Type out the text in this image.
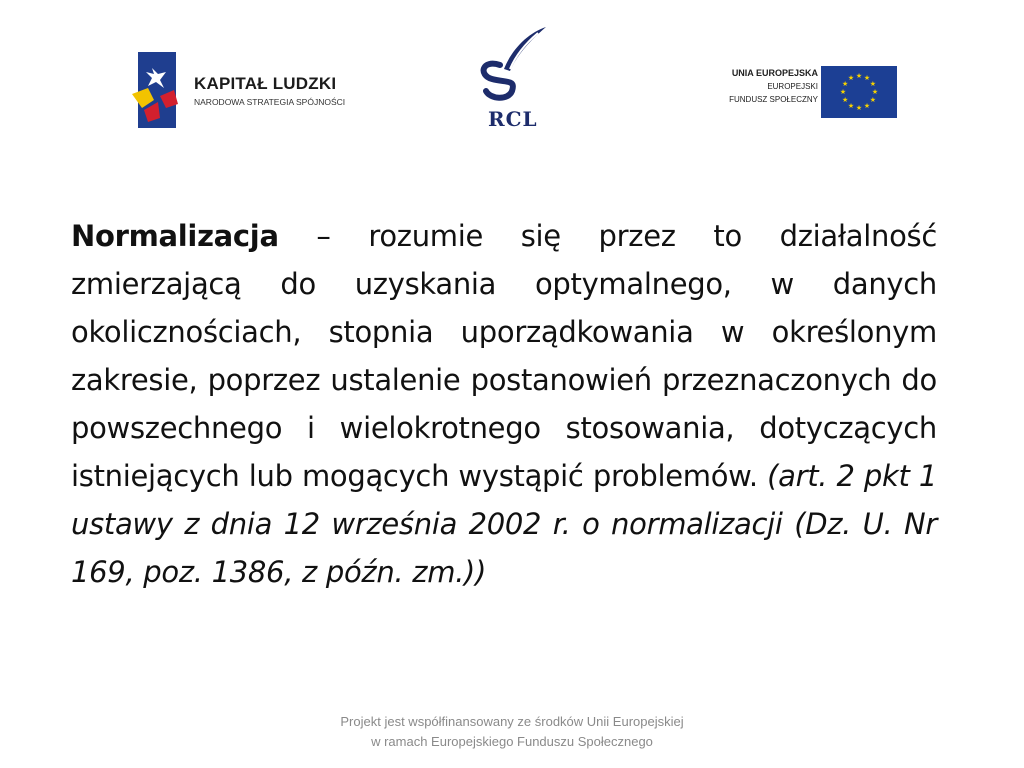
KAPITAŁ LUDZKI
NARODOWA STRATEGIA SPÓJNOŚCI
RCL
UNIA EUROPEJSKA
EUROPEJSKI
FUNDUSZ SPOŁECZNY
★
★
★
★
★
★
★
★
★ ★ ★
★
Normalizacja – rozumie się przez to działalność zmierzającą do uzyskania optymalnego, w danych okolicznościach, stopnia uporządkowania w określonym zakresie, poprzez ustalenie postanowień przeznaczonych do powszechnego i wielokrotnego stosowania, dotyczących istniejących lub mogących wystąpić problemów. (art. 2 pkt 1 ustawy z dnia 12 września 2002 r. o normalizacji (Dz. U. Nr 169, poz. 1386, z późn. zm.))
Projekt jest współfinansowany ze środków Unii Europejskiej
w ramach Europejskiego Funduszu Społecznego
